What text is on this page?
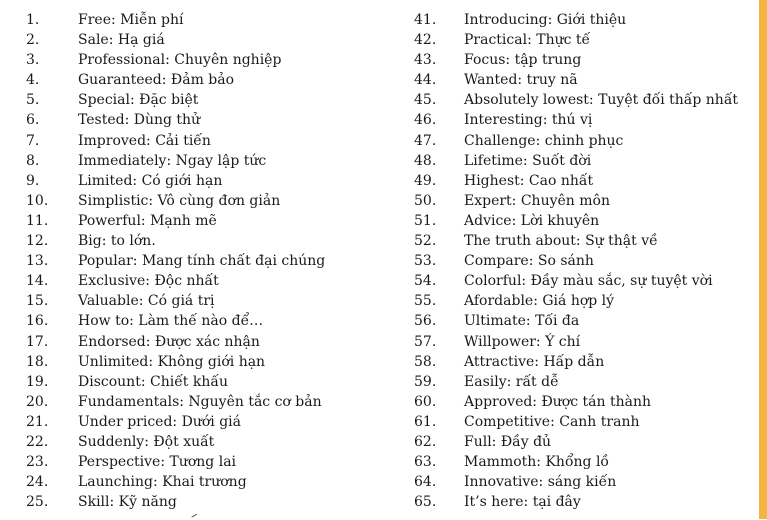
1.	Free: Miễn phí
2.	Sale: Hạ giá
3.	Professional: Chuyên nghiệp
4.	Guaranteed: Đảm bảo
5.	Special: Đặc biệt
6.	Tested: Dùng thử
7.	Improved: Cải tiến
8.	Immediately: Ngay lập tức
9.	Limited: Có giới hạn
10.	Simplistic: Vô cùng đơn giản
11.	Powerful: Mạnh mẽ
12.	Big: to lớn.
13.	Popular: Mang tính chất đại chúng
14.	Exclusive: Độc nhất
15.	Valuable: Có giá trị
16.	How to: Làm thế nào để…
17.	Endorsed: Được xác nhận
18.	Unlimited: Không giới hạn
19.	Discount: Chiết khấu
20.	Fundamentals: Nguyên tắc cơ bản
21.	Under priced: Dưới giá
22.	Suddenly: Đột xuất
23.	Perspective: Tương lai
24.	Launching: Khai trương
25.	Skill: Kỹ năng
41.	Introducing: Giới thiệu
42.	Practical: Thực tế
43.	Focus: tập trung
44.	Wanted: truy nã
45.	Absolutely lowest: Tuyệt đối thấp nhất
46.	Interesting: thú vị
47.	Challenge: chinh phục
48.	Lifetime: Suốt đời
49.	Highest: Cao nhất
50.	Expert: Chuyên môn
51.	Advice: Lời khuyên
52.	The truth about: Sự thật về
53.	Compare: So sánh
54.	Colorful: Đầy màu sắc, sự tuyệt vời
55.	Afordable: Giá hợp lý
56.	Ultimate: Tối đa
57.	Willpower: Ý chí
58.	Attractive: Hấp dẫn
59.	Easily: rất dễ
60.	Approved: Được tán thành
61.	Competitive: Canh tranh
62.	Full: Đầy đủ
63.	Mammoth: Khổng lồ
64.	Innovative: sáng kiến
65.	It’s here: tại đây
